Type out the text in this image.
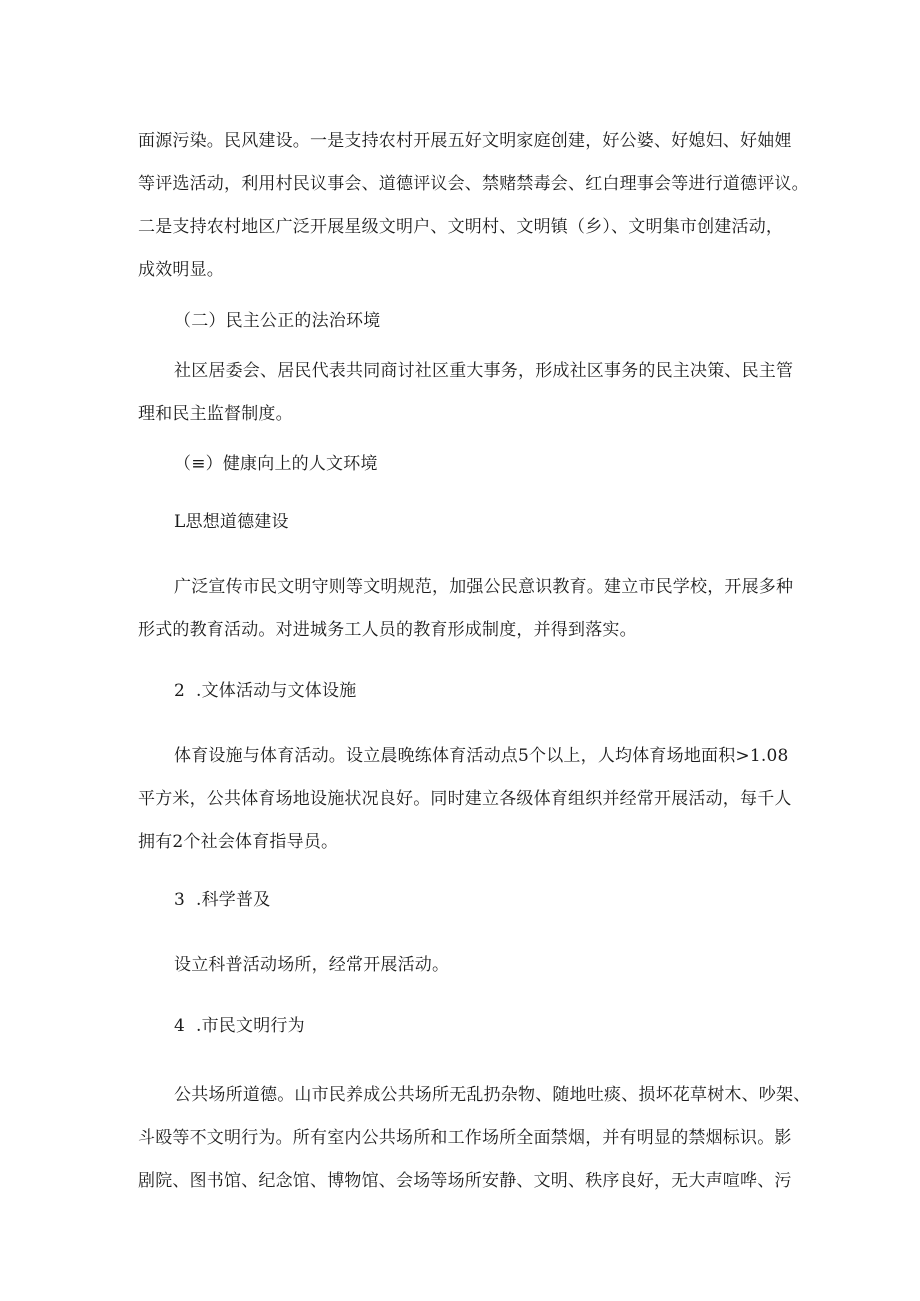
面源污染。民风建设。一是支持农村开展五好文明家庭创建，好公婆、好媳妇、好妯娌
等评选活动，利用村民议事会、道德评议会、禁赌禁毒会、红白理事会等进行道德评议。
二是支持农村地区广泛开展星级文明户、文明村、文明镇（乡）、文明集市创建活动，
成效明显。
（二）民主公正的法治环境
社区居委会、居民代表共同商讨社区重大事务，形成社区事务的民主决策、民主管
理和民主监督制度。
（≡）健康向上的人文环境
L思想道德建设
广泛宣传市民文明守则等文明规范，加强公民意识教育。建立市民学校，开展多种
形式的教育活动。对进城务工人员的教育形成制度，并得到落实。
2 .文体活动与文体设施
体育设施与体育活动。设立晨晚练体育活动点5个以上，人均体育场地面积>1.08
平方米，公共体育场地设施状况良好。同时建立各级体育组织并经常开展活动，每千人
拥有2个社会体育指导员。
3 .科学普及
设立科普活动场所，经常开展活动。
4 .市民文明行为
公共场所道德。山市民养成公共场所无乱扔杂物、随地吐痰、损坏花草树木、吵架、
斗殴等不文明行为。所有室内公共场所和工作场所全面禁烟，并有明显的禁烟标识。影
剧院、图书馆、纪念馆、博物馆、会场等场所安静、文明、秩序良好，无大声喧哗、污
